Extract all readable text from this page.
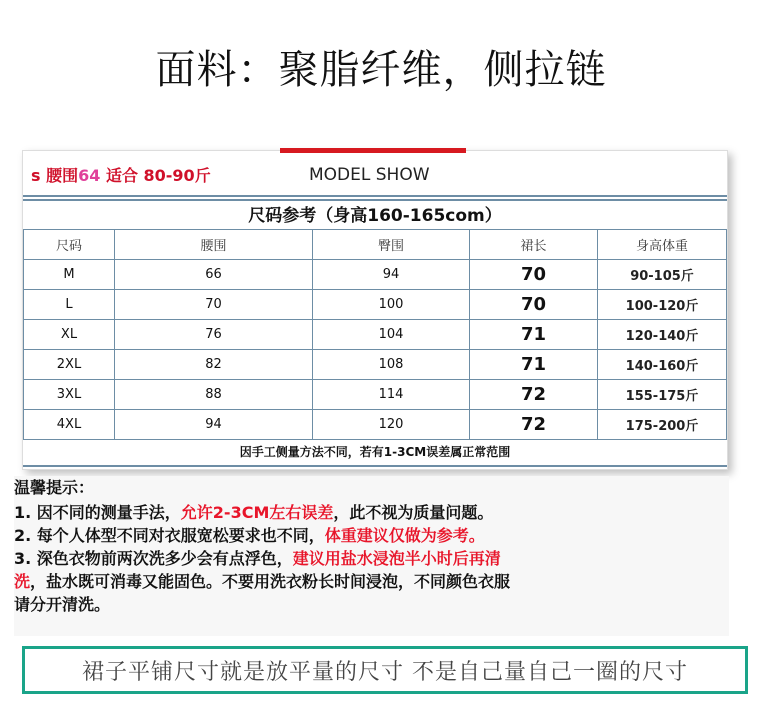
面料：聚脂纤维，侧拉链
s 腰围64 适合 80-90斤	MODEL SHOW
尺码参考（身高160-165com）
尺码	腰围	臀围	裙长	身高体重
M	66	94	70	90-105斤
L	70	100	70	100-120斤
XL	76	104	71	120-140斤
2XL	82	108	71	140-160斤
3XL	88	114	72	155-175斤
4XL	94	120	72	175-200斤
因手工侧量方法不同，若有1-3CM误差属正常范围

温馨提示：

1. 因不同的测量手法，允许2-3CM左右误差，此不视为质量问题。

2. 每个人体型不同对衣服宽松要求也不同，体重建议仅做为参考。

3. 深色衣物前两次洗多少会有点浮色，建议用盐水浸泡半小时后再清

洗，盐水既可消毒又能固色。不要用洗衣粉长时间浸泡，不同颜色衣服

请分开清洗。

裙子平铺尺寸就是放平量的尺寸 不是自己量自己一圈的尺寸
